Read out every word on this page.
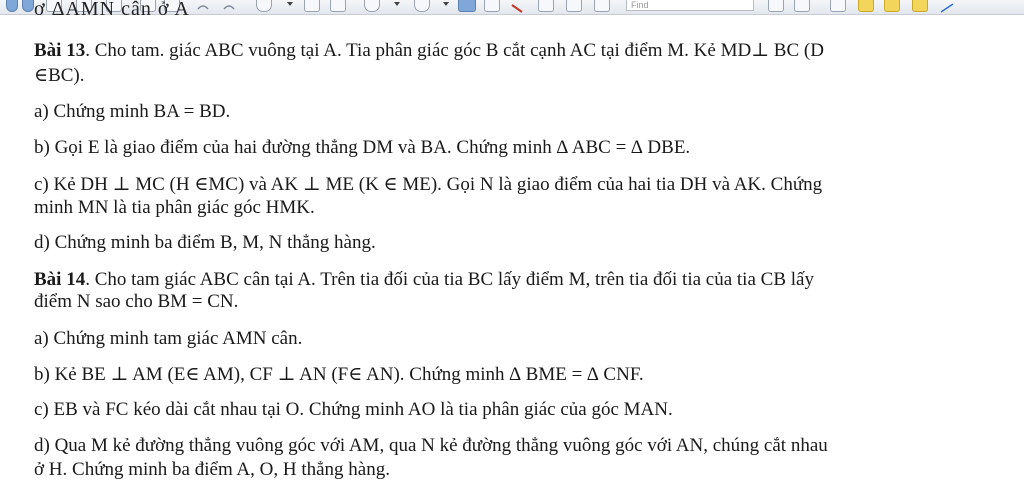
Find
ơ ΔAMN cân ở A
Bài 13. Cho tam. giác ABC vuông tại A. Tia phân giác góc B cắt cạnh AC tại điểm M. Kẻ MD⊥ BC (D
∈BC).
a) Chứng minh BA = BD.
b) Gọi E là giao điểm của hai đường thẳng DM và BA. Chứng minh ∆ ABC = ∆ DBE.
c) Kẻ DH ⊥ MC (H ∈MC) và AK ⊥ ME (K ∈ ME). Gọi N là giao điểm của hai tia DH và AK. Chứng
minh MN là tia phân giác góc HMK.
d) Chứng minh ba điểm B, M, N thẳng hàng.
Bài 14. Cho tam giác ABC cân tại A. Trên tia đối của tia BC lấy điểm M, trên tia đối tia của tia CB lấy
điểm N sao cho BM = CN.
a) Chứng minh tam giác AMN cân.
b) Kẻ BE ⊥ AM (E∈ AM), CF ⊥ AN (F∈ AN). Chứng minh ∆ BME = ∆ CNF.
c) EB và FC kéo dài cắt nhau tại O. Chứng minh AO là tia phân giác của góc MAN.
d) Qua M kẻ đường thẳng vuông góc với AM, qua N kẻ đường thẳng vuông góc với AN, chúng cắt nhau
ở H. Chứng minh ba điểm A, O, H thẳng hàng.
